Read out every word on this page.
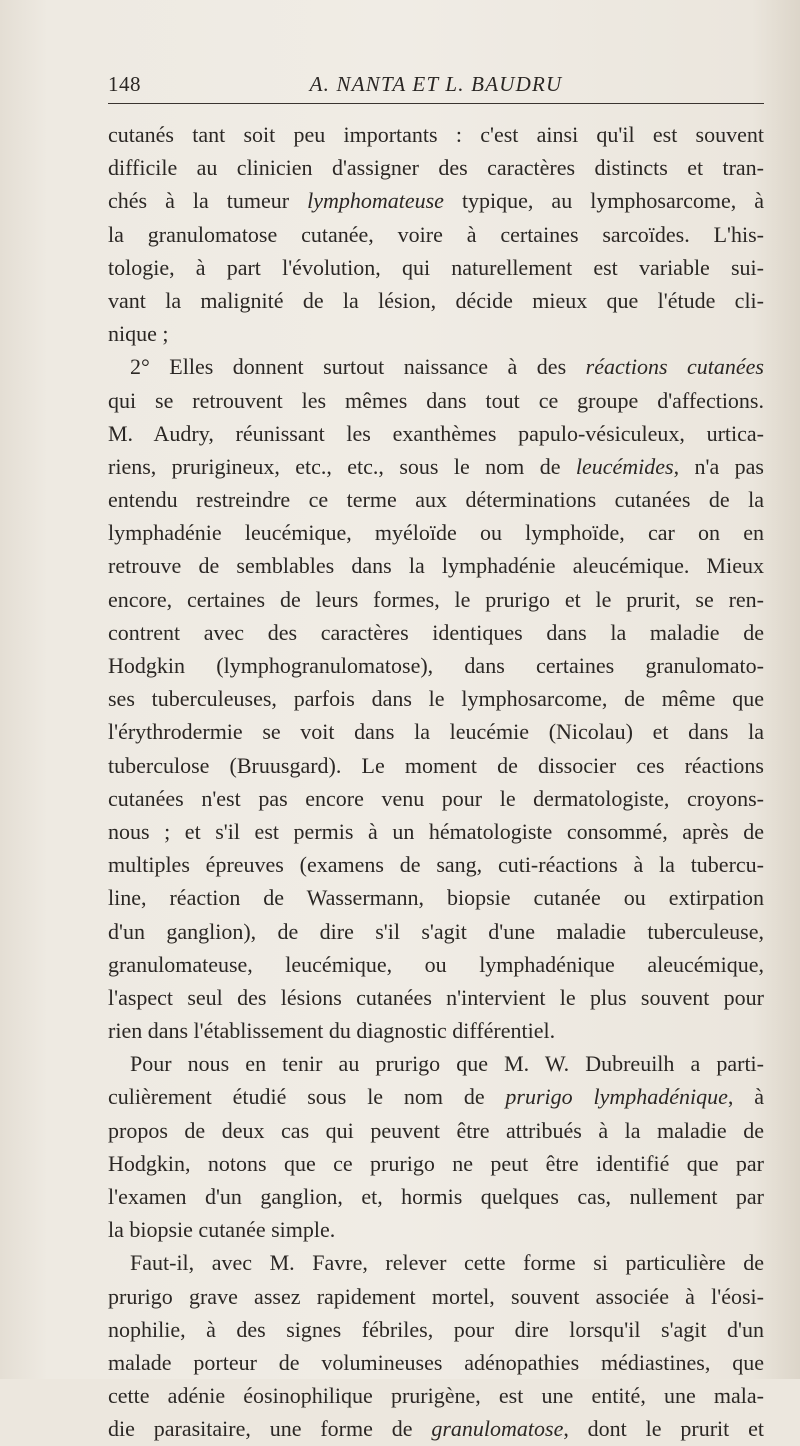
148	A. NANTA ET L. BAUDRU
cutanés tant soit peu importants : c'est ainsi qu'il est souvent
difficile au clinicien d'assigner des caractères distincts et tran-
chés à la tumeur lymphomateuse typique, au lymphosarcome, à
la granulomatose cutanée, voire à certaines sarcoïdes. L'his-
tologie, à part l'évolution, qui naturellement est variable sui-
vant la malignité de la lésion, décide mieux que l'étude cli-
nique ;
2° Elles donnent surtout naissance à des réactions cutanées
qui se retrouvent les mêmes dans tout ce groupe d'affections.
M. Audry, réunissant les exanthèmes papulo-vésiculeux, urtica-
riens, prurigineux, etc., etc., sous le nom de leucémides, n'a pas
entendu restreindre ce terme aux déterminations cutanées de la
lymphadénie leucémique, myéloïde ou lymphoïde, car on en
retrouve de semblables dans la lymphadénie aleucémique. Mieux
encore, certaines de leurs formes, le prurigo et le prurit, se ren-
contrent avec des caractères identiques dans la maladie de
Hodgkin (lymphogranulomatose), dans certaines granulomato-
ses tuberculeuses, parfois dans le lymphosarcome, de même que
l'érythrodermie se voit dans la leucémie (Nicolau) et dans la
tuberculose (Bruusgard). Le moment de dissocier ces réactions
cutanées n'est pas encore venu pour le dermatologiste, croyons-
nous ; et s'il est permis à un hématologiste consommé, après de
multiples épreuves (examens de sang, cuti-réactions à la tubercu-
line, réaction de Wassermann, biopsie cutanée ou extirpation
d'un ganglion), de dire s'il s'agit d'une maladie tuberculeuse,
granulomateuse, leucémique, ou lymphadénique aleucémique,
l'aspect seul des lésions cutanées n'intervient le plus souvent pour
rien dans l'établissement du diagnostic différentiel.
Pour nous en tenir au prurigo que M. W. Dubreuilh a parti-
culièrement étudié sous le nom de prurigo lymphadénique, à
propos de deux cas qui peuvent être attribués à la maladie de
Hodgkin, notons que ce prurigo ne peut être identifié que par
l'examen d'un ganglion, et, hormis quelques cas, nullement par
la biopsie cutanée simple.
Faut-il, avec M. Favre, relever cette forme si particulière de
prurigo grave assez rapidement mortel, souvent associée à l'éosi-
nophilie, à des signes fébriles, pour dire lorsqu'il s'agit d'un
malade porteur de volumineuses adénopathies médiastines, que
cette adénie éosinophilique prurigène, est une entité, une mala-
die parasitaire, une forme de granulomatose, dont le prurit et
